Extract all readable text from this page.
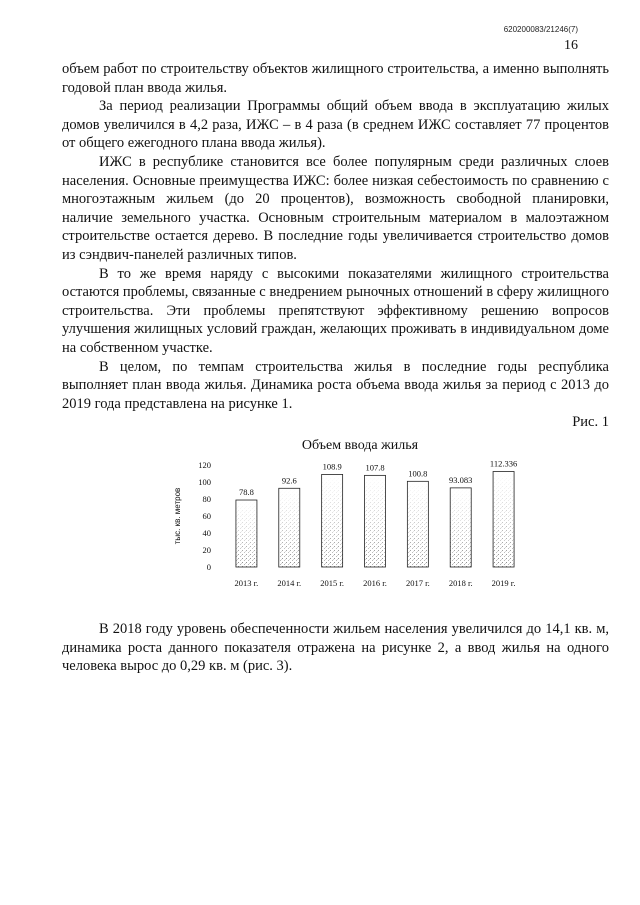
620200083/21246(7)
16

объем работ по строительству объектов жилищного строительства, а именно выполнять годовой план ввода жилья.

За период реализации Программы общий объем ввода в эксплуатацию жилых домов увеличился в 4,2 раза, ИЖС – в 4 раза (в среднем ИЖС составляет 77 процентов от общего ежегодного плана ввода жилья).

ИЖС в республике становится все более популярным среди различных слоев населения. Основные преимущества ИЖС: более низкая себестоимость по сравнению с многоэтажным жильем (до 20 процентов), возможность свободной планировки, наличие земельного участка. Основным строительным материалом в малоэтажном строительстве остается дерево. В последние годы увеличивается строительство домов из сэндвич-панелей различных типов.

В то же время наряду с высокими показателями жилищного строительства остаются проблемы, связанные с внедрением рыночных отношений в сферу жилищного строительства. Эти проблемы препятствуют эффективному решению вопросов улучшения жилищных условий граждан, желающих проживать в индивидуальном доме на собственном участке.

В целом, по темпам строительства жилья в последние годы республика выполняет план ввода жилья. Динамика роста объема ввода жилья за период с 2013 до 2019 года представлена на рисунке 1.

Рис. 1

Объем ввода жилья
тыс. кв. метров
0
20
40
60
80
100
120
78.8
92.6
108.9	107.8
100.8
93.083
112.336
2013 г. 2014 г. 2015 г. 2016 г. 2017 г. 2018 г. 2019 г.

В 2018 году уровень обеспеченности жильем населения увеличился до 14,1 кв. м, динамика роста данного показателя отражена на рисунке 2, а ввод жилья на одного человека вырос до 0,29 кв. м (рис. 3).
